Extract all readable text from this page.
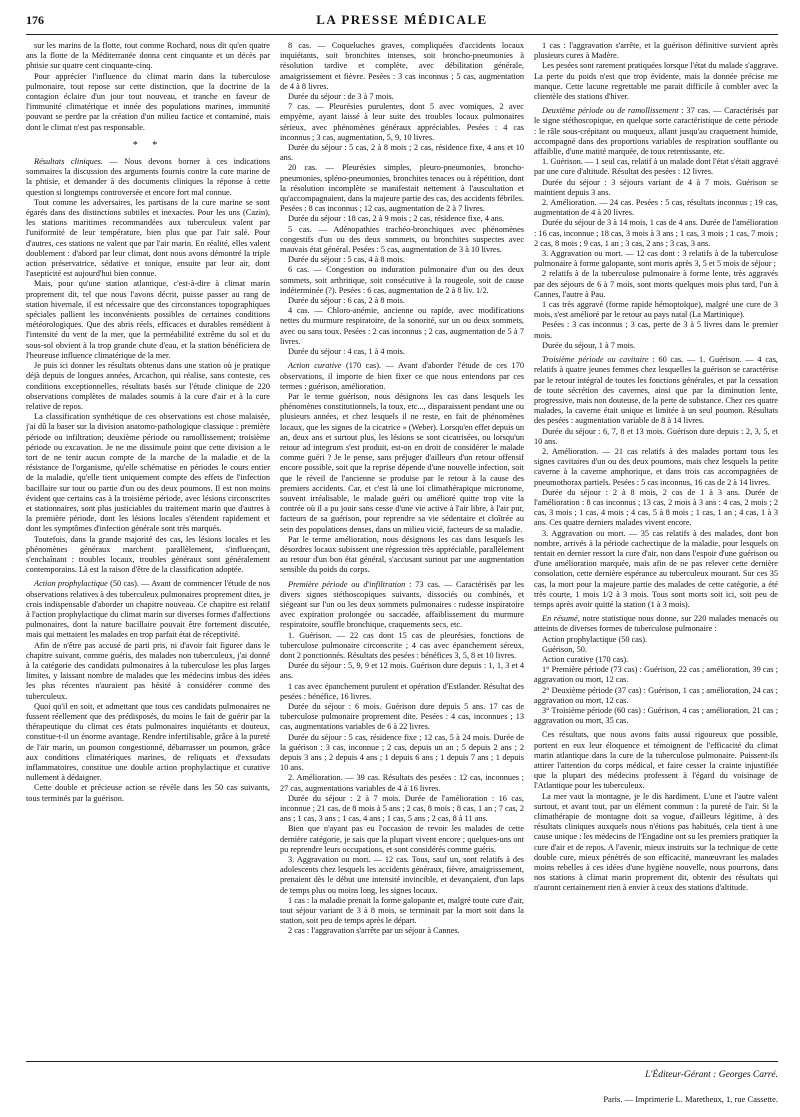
176	LA PRESSE MÉDICALE

sur les marins de la flotte, tout comme Rochard, nous dit qu'en quatre ans la flotte de la Méditerranée donna cent cinquante et un décès par phtisie sur quatre cent cinquante-cinq.

Pour apprécier l'influence du climat marin dans la tuberculose pulmonaire, tout repose sur cette distinction, que la doctrine de la contagion éclaire d'un jour tout nouveau, et tranche en faveur de l'immunité climatérique et innée des populations marines, immunité pouvant se perdre par la création d'un milieu factice et contaminé, mais dont le climat n'est pas responsable.

* *

Résultats cliniques. — Nous devons borner à ces indications sommaires la discussion des arguments fournis contre la cure marine de la phtisie, et demander à des documents cliniques la réponse à cette question si longtemps controversée et encore fort mal connue.

Tout comme les adversaires, les partisans de la cure marine se sont égarés dans des distinctions subtiles et inexactes. Pour les uns (Cazin), les stations maritimes recommandées aux tuberculeux valent par l'uniformité de leur température, bien plus que par l'air salé. Pour d'autres, ces stations ne valent que par l'air marin. En réalité, elles valent doublement : d'abord par leur climat, dont nous avons démontré la triple action préservatrice, sédative et tonique, ensuite par leur air, dont l'asepticité est aujourd'hui bien connue.

Mais, pour qu'une station atlantique, c'est-à-dire à climat marin proprement dit, tel que nous l'avons décrit, puisse passer au rang de station hivernale, il est nécessaire que des circonstances topographiques spéciales pallient les inconvénients possibles de certaines conditions météorologiques. Que des abris réels, efficaces et durables remédient à l'intensité du vent de la mer, que la perméabilité extrême du sol et du sous-sol obvient à la trop grande chute d'eau, et la station bénéficiera de l'heureuse influence climatérique de la mer.

Je puis ici donner les résultats obtenus dans une station où je pratique déjà depuis de longues années, Arcachon, qui réalise, sans conteste, ces conditions exceptionnelles, résultats basés sur l'étude clinique de 220 observations complètes de malades soumis à la cure d'air et à la cure relative de repos.

La classification synthétique de ces observations est chose malaisée, j'ai dû la baser sur la division anatomo-pathologique classique : première période ou infiltration; deuxième période ou ramollissement; troisième période ou excavation. Je ne me dissimule point que cette division a le tort de ne tenir aucun compte de la marche de la maladie et de la résistance de l'organisme, qu'elle schématise en périodes le cours entier de la maladie, qu'elle tient uniquement compte des effets de l'infection bacillaire sur tout ou partie d'un ou des deux poumons. Il est non moins évident que certains cas à la troisième période, avec lésions circonscrites et stationnaires, sont plus justiciables du traitement marin que d'autres à la première période, dont les lésions locales s'étendent rapidement et dont les symptômes d'infection générale sont très marqués.

Toutefois, dans la grande majorité des cas, les lésions locales et les phénomènes généraux marchent parallèlement, s'influençant, s'enchaînant : troubles locaux, troubles généraux sont généralement contemporains. Là est la raison d'être de la classification adoptée.

Action prophylactique (50 cas). — Avant de commencer l'étude de nos observations relatives à des tuberculeux pulmonaires proprement dites, je crois indispensable d'aborder un chapitre nouveau. Ce chapitre est relatif à l'action prophylactique du climat marin sur diverses formes d'affections pulmonaires, dont la nature bacillaire pouvait être fortement discutée, mais qui mettaient les malades en trop parfait état de réceptivité.

Afin de n'être pas accusé de parti pris, ni d'avoir fait figurer dans le chapitre suivant, comme guéris, des malades non tuberculeux, j'ai donné à la catégorie des candidats pulmonaires à la tuberculose les plus larges limites, y laissant nombre de malades que les médecins imbus des idées les plus récentes n'auraient pas hésité à considérer comme des tuberculeux.

Quoi qu'il en soit, et admettant que tous ces candidats pulmonaires ne fussent réellement que des prédisposés, du moins le fait de guérir par la thérapeutique du climat ces états pulmonaires inquiétants et douteux, constitue-t-il un énorme avantage. Rendre infertilisable, grâce à la pureté de l'air marin, un poumon congestionné, débarrasser un poumon, grâce aux conditions climatériques marines, de reliquats et d'exsudats inflammatoires, constitue une double action prophylactique et curative nullement à dédaigner.

Cette double et précieuse action se révèle dans les 50 cas suivants, tous terminés par la guérison.

8 cas. — Coqueluches graves, compliquées d'accidents locaux inquiétants, soit bronchites intenses, soit broncho-pneumonies à résolution tardive et complète, avec débilitation générale, amaigrissement et fièvre. Pesées : 3 cas inconnus ; 5 cas, augmentation de 4 à 8 livres.

Durée du séjour : de 3 à 7 mois.

7 cas. — Pleurésies purulentes, dont 5 avec vomiques, 2 avec empyème, ayant laissé à leur suite des troubles locaux pulmonaires sérieux, avec phénomènes généraux appréciables. Pesées : 4 cas inconnus ; 3 cas, augmentation, 5, 9, 10 livres.

Durée du séjour : 5 cas, 2 à 8 mois ; 2 cas, résidence fixe, 4 ans et 10 ans.

20 cas. — Pleurésies simples, pleuro-pneumonies, broncho-pneumonies, spléno-pneumonies, bronchites tenaces ou à répétition, dont la résolution incomplète se manifestait nettement à l'auscultation et qu'accompagnaient, dans la majeure partie des cas, des accidents fébriles. Pesées : 8 cas inconnus ; 12 cas, augmentation de 2 à 7 livres.

Durée du séjour : 18 cas, 2 à 9 mois ; 2 cas, résidence fixe, 4 ans.

5 cas. — Adénopathies trachéo-bronchiques avec phénomènes congestifs d'un ou des deux sommets, ou bronchites suspectes avec mauvais état général. Pesées : 5 cas, augmentation de 3 à 10 livres.

Durée du séjour : 5 cas, 4 à 8 mois.

6 cas. — Congestion ou induration pulmonaire d'un ou des deux sommets, soit arthritique, soit consécutive à la rougeole, soit de cause indéterminée (?). Pesées : 6 cas, augmentation de 2 à 8 liv. 1/2.

Durée du séjour : 6 cas, 2 à 8 mois.

4 cas. — Chloro-anémie, ancienne ou rapide, avec modifications nettes du murmure respiratoire, de la sonorité, sur un ou deux sommets, avec ou sans toux. Pesées : 2 cas inconnus ; 2 cas, augmentation de 5 à 7 livres.

Durée du séjour : 4 cas, 1 à 4 mois.

Action curative (170 cas). — Avant d'aborder l'étude de ces 170 observations, il importe de bien fixer ce que nous entendons par ces termes : guérison, amélioration.

Par le terme guérison, nous désignons les cas dans lesquels les phénomènes constitutionnels, la toux, etc..., disparaissent pendant une ou plusieurs années, et chez lesquels il ne reste, en fait de phénomènes locaux, que les signes de la cicatrice » (Weber). Lorsqu'en effet depuis un an, deux ans et surtout plus, les lésions se sont cicatrisées, ou lorsqu'un retour ad integrum s'est produit, est-on en droit de considérer le malade comme guéri ? Je le pense, sans préjuger d'ailleurs d'un retour offensif encore possible, soit que la reprise dépende d'une nouvelle infection, soit que le réveil de l'ancienne se produise par le retour à la cause des premiers accidents. Car, et c'est là une loi climathérapique micronome, souvent irréalisable, le malade guéri ou amélioré quitte trop vite la contrée où il a pu jouir sans cesse d'une vie active à l'air libre, à l'air pur, facteurs de sa guérison, pour reprendre sa vie sédentaire et cloîtrée au sein des populations denses, dans un milieu vicié, facteurs de sa maladie.

Par le terme amélioration, nous désignons les cas dans lesquels les désordres locaux subissent une régression très appréciable, parallèlement au retour d'un bon état général, s'accusant surtout par une augmentation sensible du poids du corps.

Première période ou d'infiltration : 73 cas. — Caractérisés par les divers signes stéthoscopiques suivants, dissociés ou combinés, et siégeant sur l'un ou les deux sommets pulmonaires : rudesse inspiratoire avec expiration prolongée ou saccadée, affaiblissement du murmure respiratoire, souffle bronchique, craquements secs, etc.

1. Guérison. — 22 cas dont 15 cas de pleurésies, fonctions de tuberculose pulmonaire circonscrite ; 4 cas avec épanchement séreux, dont 2 ponctionnés. Résultats des pesées : bénéfices 3, 5, 8 et 10 livres.

Durée du séjour : 5, 9, 9 et 12 mois. Guérison dure depuis : 1, 1, 3 et 4 ans.

1 cas avec épanchement purulent et opération d'Estlander. Résultat des pesées : bénéfice, 16 livres.

Durée du séjour : 6 mois. Guérison dure depuis 5 ans. 17 cas de tuberculose pulmonaire proprement dite. Pesées : 4 cas, inconnues ; 13 cas, augmentations variables de 6 à 22 livres.

Durée du séjour : 5 cas, résidence fixe ; 12 cas, 5 à 24 mois. Durée de la guérison : 3 cas, inconnue ; 2 cas, depuis un an ; 5 depuis 2 ans ; 2 depuis 3 ans ; 2 depuis 4 ans ; 1 depuis 6 ans ; 1 depuis 7 ans ; 1 depuis 10 ans.

2. Amélioration. — 39 cas. Résultats des pesées : 12 cas, inconnues ; 27 cas, augmentations variables de 4 à 16 livres.

Durée du séjour : 2 à 7 mois. Durée de l'amélioration : 16 cas, inconnue ; 21 cas, de 8 mois à 5 ans ; 2 cas, 8 mois ; 8 cas, 1 an ; 7 cas, 2 ans ; 1 cas, 3 ans ; 1 cas, 4 ans ; 1 cas, 5 ans ; 2 cas, 8 à 11 ans.

Bien que n'ayant pas eu l'occasion de revoir les malades de cette dernière catégorie, je sais que la plupart vivent encore ; quelques-uns ont pu reprendre leurs occupations, et sont considérés comme guéris.

3. Aggravation ou mort. — 12 cas. Tous, sauf un, sont relatifs à des adolescents chez lesquels les accidents généraux, fièvre, amaigrissement, prenaient dès le début une intensité invincible, et devançaient, d'un laps de temps plus ou moins long, les signes locaux.

1 cas : la maladie prenait la forme galopante et, malgré toute cure d'air, tout séjour variant de 3 à 8 mois, se terminait par la mort soit dans la station, soit peu de temps après le départ.

2 cas : l'aggravation s'arrête par un séjour à Cannes.

1 cas : l'aggravation s'arrête, et la guérison définitive survient après plusieurs cures à Madère.

Les pesées sont rarement pratiquées lorsque l'état du malade s'aggrave. La perte du poids n'est que trop évidente, mais la donnée précise me manque. Cette lacune regrettable me parait difficile à combler avec la clientèle des stations d'hiver.

Deuxième période ou de ramollissement : 37 cas. — Caractérisés par le signe stéthoscopique, en quelque sorte caractéristique de cette période : le râle sous-crépitant ou muqueux, allant jusqu'au craquement humide, accompagné dans des proportions variables de respiration soufflante ou affaiblie, d'une matité marquée, de toux retentissante, etc.

1. Guérison. — 1 seul cas, relatif à un malade dont l'état s'était aggravé par une cure d'altitude. Résultat des pesées : 12 livres.

Durée du séjour : 3 séjours variant de 4 à 7 mois. Guérison se maintient depuis 3 ans.

2. Amélioration. — 24 cas. Pesées : 5 cas, résultats inconnus ; 19 cas, augmentation de 4 à 20 livres.

Durée du séjour de 3 à 14 mois, 1 cas de 4 ans. Durée de l'amélioration : 16 cas, inconnue ; 18 cas, 3 mois à 3 ans ; 1 cas, 3 mois ; 1 cas, 7 mois ; 2 cas, 8 mois ; 9 cas, 1 an ; 3 cas, 2 ans ; 3 cas, 3 ans.

3. Aggravation ou mort. — 12 cas dont : 3 relatifs à de la tuberculose pulmonaire à forme galopante, sont morts après 3, 5 et 5 mois de séjour ;

2 relatifs à de la tuberculose pulmonaire à forme lente, très aggravés par des séjours de 6 à 7 mois, sont morts quelques mois plus tard, l'un à Cannes, l'autre à Pau.

1 cas très aggravé (forme rapide hémoptoïque), malgré une cure de 3 mois, s'est amélioré par le retour au pays natal (La Martinique).

Pesées : 3 cas inconnus ; 3 cas, perte de 3 à 5 livres dans le premier mois.

Durée du séjour, 1 à 7 mois.

Troisième période ou cavitaire : 60 cas. — 1. Guérison. — 4 cas, relatifs à quatre jeunes femmes chez lesquelles la guérison se caractérise par le retour intégral de toutes les fonctions générales, et par la cessation de toute sécrétion des cavernes, ainsi que par la diminution lente, progressive, mais non douteuse, de la perte de substance. Chez ces quatre malades, la caverne était unique et limitée à un seul poumon. Résultats des pesées : augmentation variable de 8 à 14 livres.

Durée du séjour : 6, 7, 8 et 13 mois. Guérison dure depuis : 2, 3, 5, et 10 ans.

2. Amélioration. — 21 cas relatifs à des malades portant tous les signes cavitaires d'un ou des deux poumons, mais chez lesquels la petite caverne à la caverne amphorique, et dans trois cas accompagnées de pneumothorax partiels. Pesées : 5 cas inconnus, 16 cas de 2 à 14 livres.

Durée du séjour : 2 à 8 mois, 2 cas de 1 à 3 ans. Durée de l'amélioration : 8 cas inconnus ; 13 cas, 2 mois à 3 ans : 4 cas, 2 mois ; 2 cas, 3 mois ; 1 cas, 4 mois ; 4 cas, 5 à 8 mois ; 1 cas, 1 an ; 4 cas, 1 à 3 ans. Ces quatre derniers malades vivent encore.

3. Aggravation ou mort. — 35 cas relatifs à des malades, dont bon nombre, arrivés à la période cachectique de la maladie, pour lesquels on tentait en dernier ressort la cure d'air, non dans l'espoir d'une guérison ou d'une amélioration marquée, mais afin de ne pas relever cette dernière consolation, cette dernière espérance au tuberculeux mourant. Sur ces 35 cas, la mort pour la majeure partie des malades de cette catégorie, a été très courte, 1 mois 1/2 à 3 mois. Tous sont morts soit ici, soit peu de temps après avoir quitté la station (1 à 3 mois).

En résumé, notre statistique nous donne, sur 220 malades menacés ou atteints de diverses formes de tuberculose pulmonaire :

Action prophylactique (50 cas).

Guérison, 50.

Action curative (170 cas).

1° Première période (73 cas) : Guérison, 22 cas ; amélioration, 39 cas ; aggravation ou mort, 12 cas.

2° Deuxième période (37 cas) : Guérison, 1 cas ; amélioration, 24 cas ; aggravation ou mort, 12 cas.

3° Troisième période (60 cas) : Guérison, 4 cas ; amélioration, 21 cas ; aggravation ou mort, 35 cas.

Ces résultats, que nous avons faits aussi rigoureux que possible, portent en eux leur éloquence et témoignent de l'efficacité du climat marin atlantique dans la cure de la tuberculose pulmonaire. Puissent-ils attirer l'attention du corps médical, et faire cesser la crainte injustifiée que la plupart des médecins professent à l'égard du voisinage de l'Atlantique pour les tuberculeux.

La mer vaut la montagne, je le dis hardiment. L'une et l'autre valent surtout, et avant tout, par un élément commun : la pureté de l'air. Si la climathérapie de montagne doit sa vogue, d'ailleurs légitime, à des résultats cliniques auxquels nous n'étions pas habitués, cela tient à une cause unique : les médecins de l'Engadine ont su les premiers pratiquer la cure d'air et de repos. A l'avenir, mieux instruits sur la technique de cette double cure, mieux pénétrés de son efficacité, manœuvrant les malades moins rebelles à ces idées d'une hygiène nouvelle, nous pourrons, dans nos stations à climat marin proprement dit, obtenir des résultats qui n'auront certainement rien à envier à ceux des stations d'altitude.

L'Éditeur-Gérant : Georges Carré.
Paris. — Imprimerie L. Maretheux, 1, rue Cassette.
